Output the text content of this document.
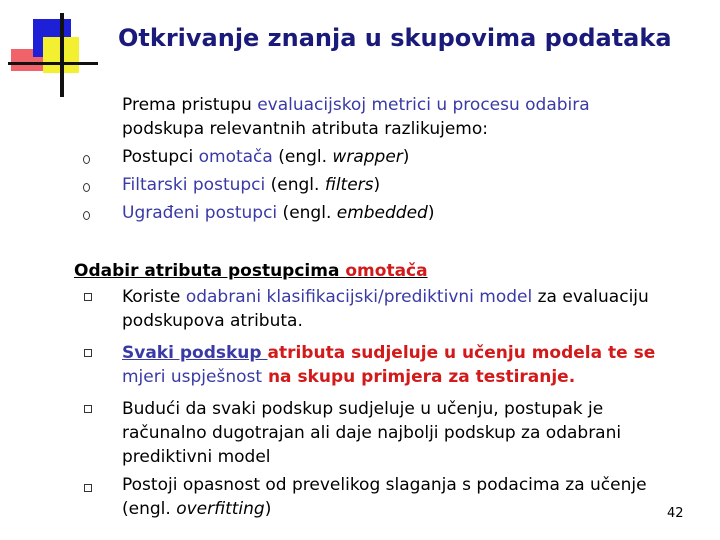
Otkrivanje znanja u skupovima podataka
Prema pristupu evaluacijskoj metrici u procesu odabira
podskupa relevantnih atributa razlikujemo:
Postupci omotača (engl. wrapper)
Filtarski postupci (engl. filters)
Ugrađeni postupci (engl. embedded)
Odabir atributa postupcima omotača
Koriste odabrani klasifikacijski/prediktivni model za evaluaciju
podskupova atributa.
Svaki podskup atributa sudjeluje u učenju modela te se
mjeri uspješnost na skupu primjera za testiranje.
Budući da svaki podskup sudjeluje u učenju, postupak je
računalno dugotrajan ali daje najbolji podskup za odabrani
prediktivni model
Postoji opasnost od prevelikog slaganja s podacima za učenje
(engl. overfitting)	42
